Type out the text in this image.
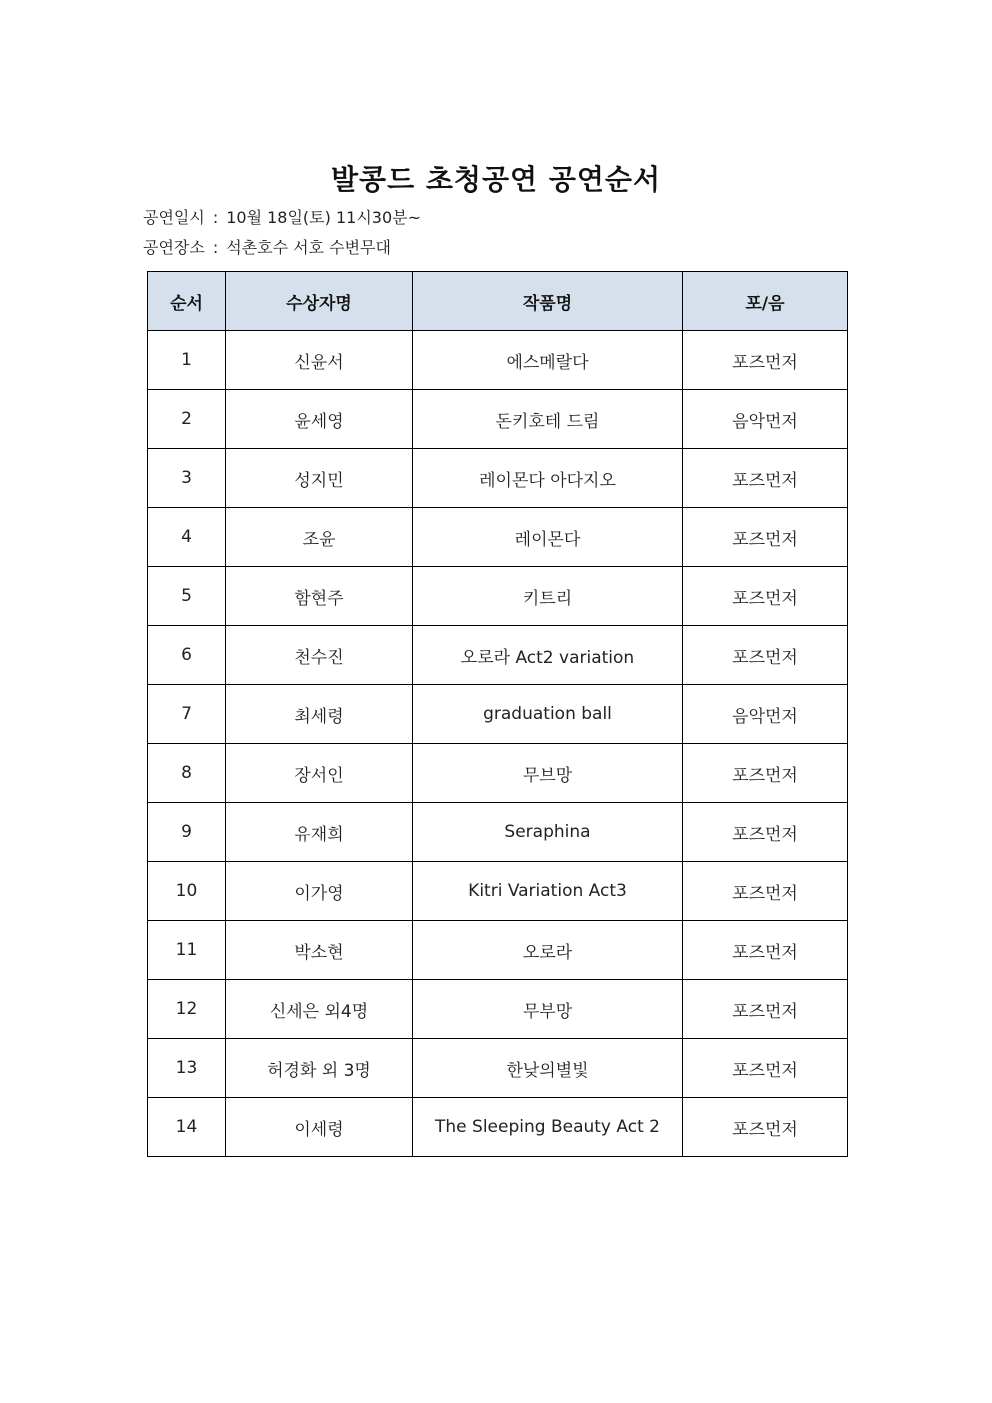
발콩드 초청공연 공연순서
공연일시 : 10월 18일(토) 11시30분~
공연장소 : 석촌호수 서호 수변무대
순서	수상자명	작품명	포/음
1	신윤서	에스메랄다	포즈먼저
2	윤세영	돈키호테 드림	음악먼저
3	성지민	레이몬다 아다지오	포즈먼저
4	조윤	레이몬다	포즈먼저
5	함현주	키트리	포즈먼저
6	천수진	오로라 Act2 variation	포즈먼저
7	최세령	graduation ball	음악먼저
8	장서인	무브망	포즈먼저
9	유재희	Seraphina	포즈먼저
10	이가영	Kitri Variation Act3	포즈먼저
11	박소현	오로라	포즈먼저
12	신세은 외4명	무부망	포즈먼저
13	허경화 외 3명	한낮의별빛	포즈먼저
14	이세령	The Sleeping Beauty Act 2	포즈먼저
